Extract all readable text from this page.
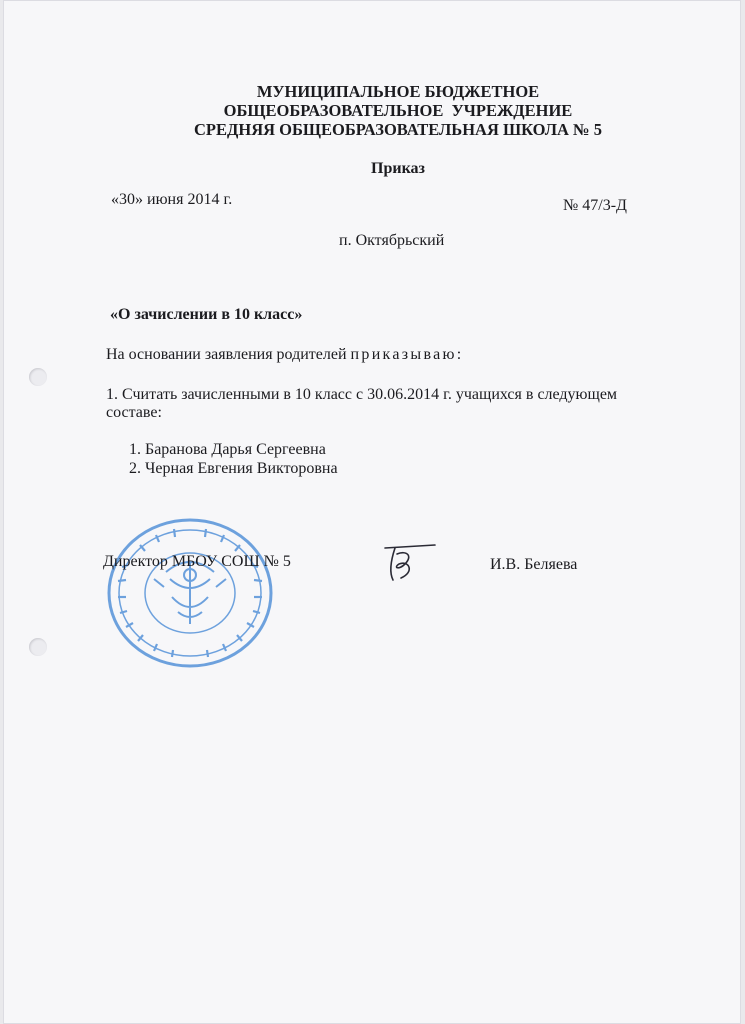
МУНИЦИПАЛЬНОЕ БЮДЖЕТНОЕ
ОБЩЕОБРАЗОВАТЕЛЬНОЕ  УЧРЕЖДЕНИЕ
СРЕДНЯЯ ОБЩЕОБРАЗОВАТЕЛЬНАЯ ШКОЛА № 5
Приказ
«30» июня 2014 г.	№ 47/3-Д
п. Октябрьский
«О зачислении в 10 класс»
На основании заявления родителей приказываю:
1. Считать зачисленными в 10 класс с 30.06.2014 г. учащихся в следующем составе:
1. Баранова Дарья Сергеевна
2. Черная Евгения Викторовна
Директор МБОУ СОШ № 5	И.В. Беляева
